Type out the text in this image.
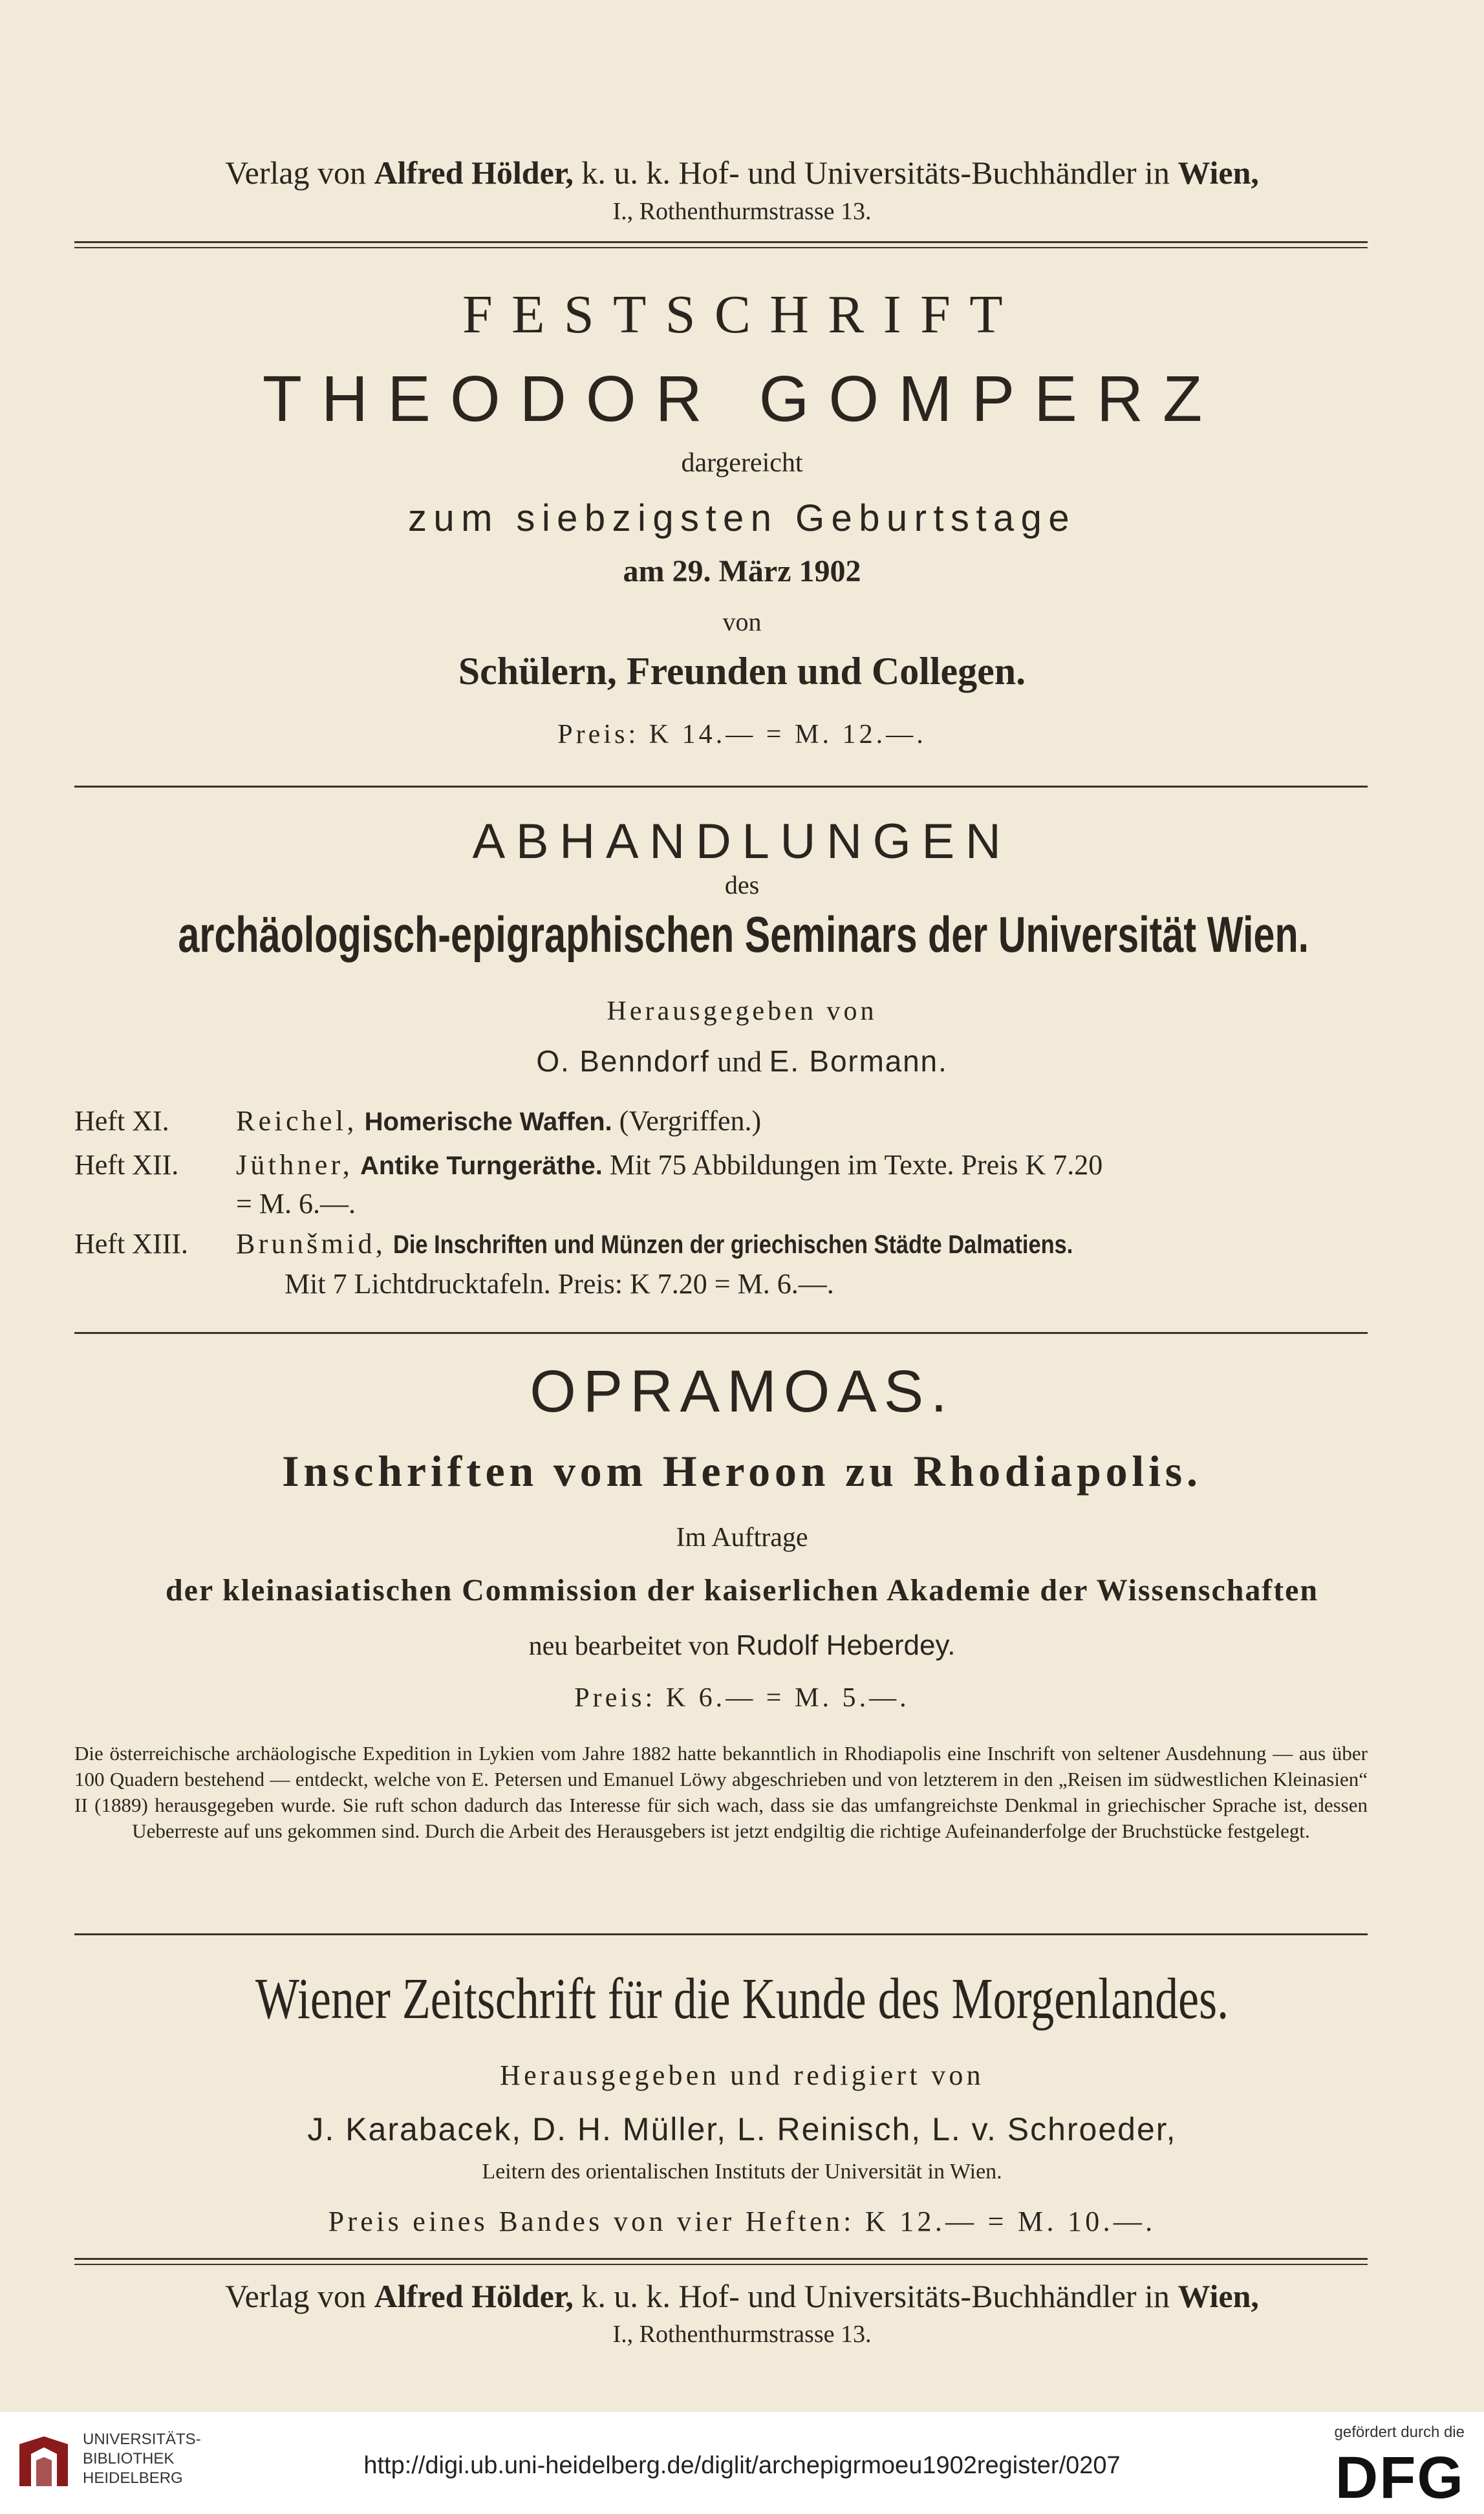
Verlag von Alfred Hölder, k. u. k. Hof- und Universitäts-Buchhändler in Wien,
I., Rothenthurmstrasse 13.
FESTSCHRIFT
THEODOR GOMPERZ
dargereicht
zum siebzigsten Geburtstage
am 29. März 1902
von
Schülern, Freunden und Collegen.
Preis: K 14.— = M. 12.—.
ABHANDLUNGEN
des
archäologisch-epigraphischen Seminars der Universität Wien.
Herausgegeben von
O. Benndorf und E. Bormann.
Heft XI. Reichel, Homerische Waffen. (Vergriffen.)
Heft XII. Jüthner, Antike Turngeräthe. Mit 75 Abbildungen im Texte. Preis K 7.20
= M. 6.—.
Heft XIII. Brunšmid, Die Inschriften und Münzen der griechischen Städte Dalmatiens.
Mit 7 Lichtdrucktafeln. Preis: K 7.20 = M. 6.—.
OPRAMOAS.
Inschriften vom Heroon zu Rhodiapolis.
Im Auftrage
der kleinasiatischen Commission der kaiserlichen Akademie der Wissenschaften
neu bearbeitet von Rudolf Heberdey.
Preis: K 6.— = M. 5.—.
Die österreichische archäologische Expedition in Lykien vom Jahre 1882 hatte bekanntlich in Rhodiapolis eine Inschrift von seltener Ausdehnung — aus über 100 Quadern bestehend — entdeckt, welche von E. Petersen und Emanuel Löwy abgeschrieben und von letzterem in den „Reisen im südwestlichen Kleinasien“ II (1889) herausgegeben wurde. Sie ruft schon dadurch das Interesse für sich wach, dass sie das umfangreichste Denkmal in griechischer Sprache ist, dessen Ueberreste auf uns gekommen sind. Durch die Arbeit des Herausgebers ist jetzt endgiltig die richtige Aufeinanderfolge der Bruchstücke festgelegt.
Wiener Zeitschrift für die Kunde des Morgenlandes.
Herausgegeben und redigiert von
J. Karabacek, D. H. Müller, L. Reinisch, L. v. Schroeder,
Leitern des orientalischen Instituts der Universität in Wien.
Preis eines Bandes von vier Heften: K 12.— = M. 10.—.
Verlag von Alfred Hölder, k. u. k. Hof- und Universitäts-Buchhändler in Wien,
I., Rothenthurmstrasse 13.
UNIVERSITÄTS-
BIBLIOTHEK
HEIDELBERG	http://digi.ub.uni-heidelberg.de/diglit/archepigrmoeu1902register/0207
gefördert durch die
DFG
